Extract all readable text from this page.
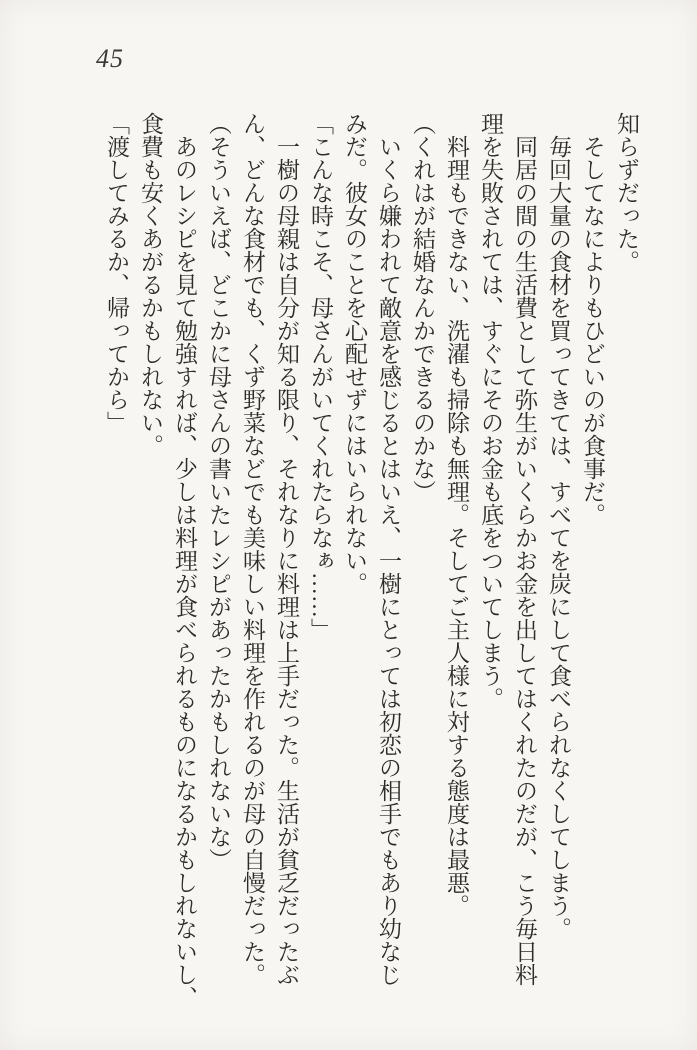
45

知らずだった。

そしてなによりもひどいのが食事だ。

毎回大量の食材を買ってきては、すべてを炭にして食べられなくしてしまう。

同居の間の生活費として弥生がいくらかお金を出してはくれたのだが、こう毎日料

理を失敗されては、すぐにそのお金も底をついてしまう。

料理もできない、洗濯も掃除も無理。そしてご主人様に対する態度は最悪。

（くれはが結婚なんかできるのかな）

いくら嫌われて敵意を感じるとはいえ、一樹にとっては初恋の相手でもあり幼なじ

みだ。彼女のことを心配せずにはいられない。

「こんな時こそ、母さんがいてくれたらなぁ……」

一樹の母親は自分が知る限り、それなりに料理は上手だった。生活が貧乏だったぶ

ん、どんな食材でも、くず野菜などでも美味しい料理を作れるのが母の自慢だった。

（そういえば、どこかに母さんの書いたレシピがあったかもしれないな）

あのレシピを見て勉強すれば、少しは料理が食べられるものになるかもしれないし、

食費も安くあがるかもしれない。

「渡してみるか、帰ってから」
